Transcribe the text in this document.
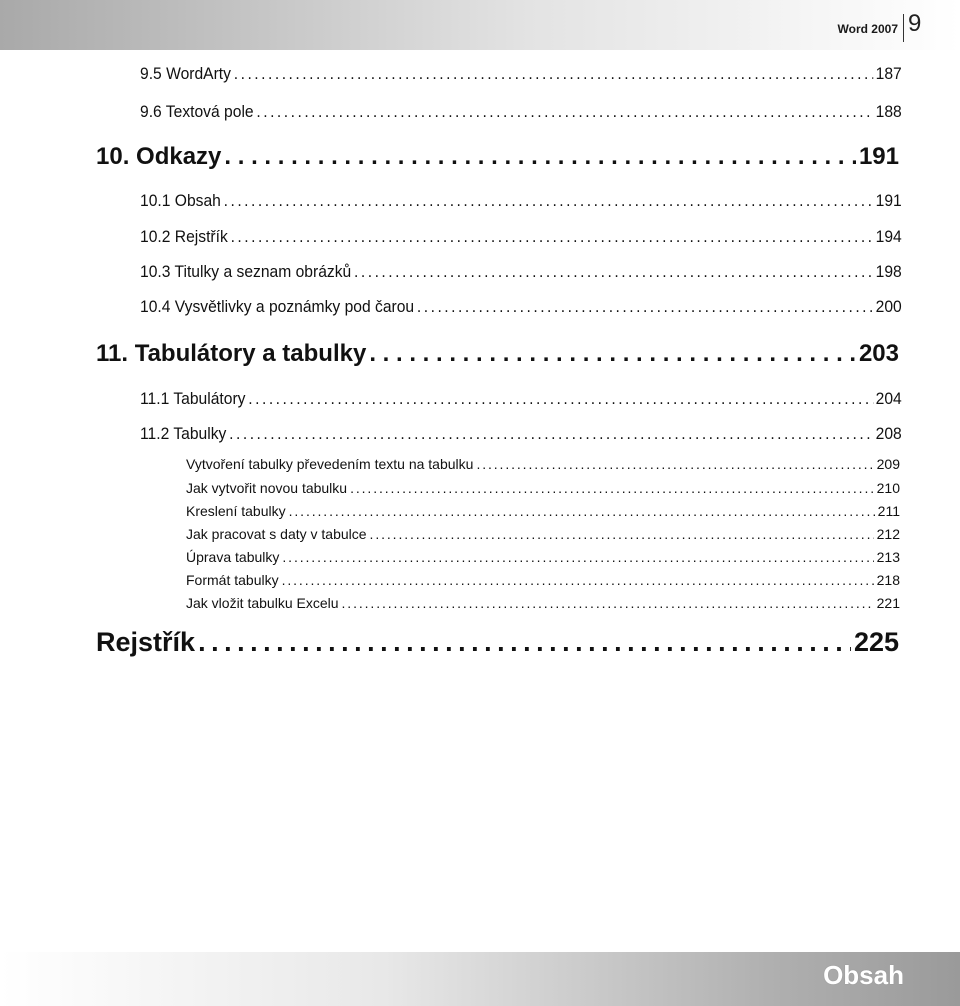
Word 2007 9
9.5 WordArty . . .	187
9.6 Textová pole . . .	188
10. Odkazy . . .	191
10.1 Obsah . . .	191
10.2 Rejstřík . . .	194
10.3 Titulky a seznam obrázků . . .	198
10.4 Vysvětlivky a poznámky pod čarou . . .	200
11. Tabulátory a tabulky . . .	203
11.1 Tabulátory . . .	204
11.2 Tabulky . . .	208
Vytvoření tabulky převedením textu na tabulku . . .	209
Jak vytvořit novou tabulku . . .	210
Kreslení tabulky . . .	211
Jak pracovat s daty v tabulce . . .	212
Úprava tabulky . . .	213
Formát tabulky . . .	218
Jak vložit tabulku Excelu . . .	221
Rejstřík . . .	225
Obsah
